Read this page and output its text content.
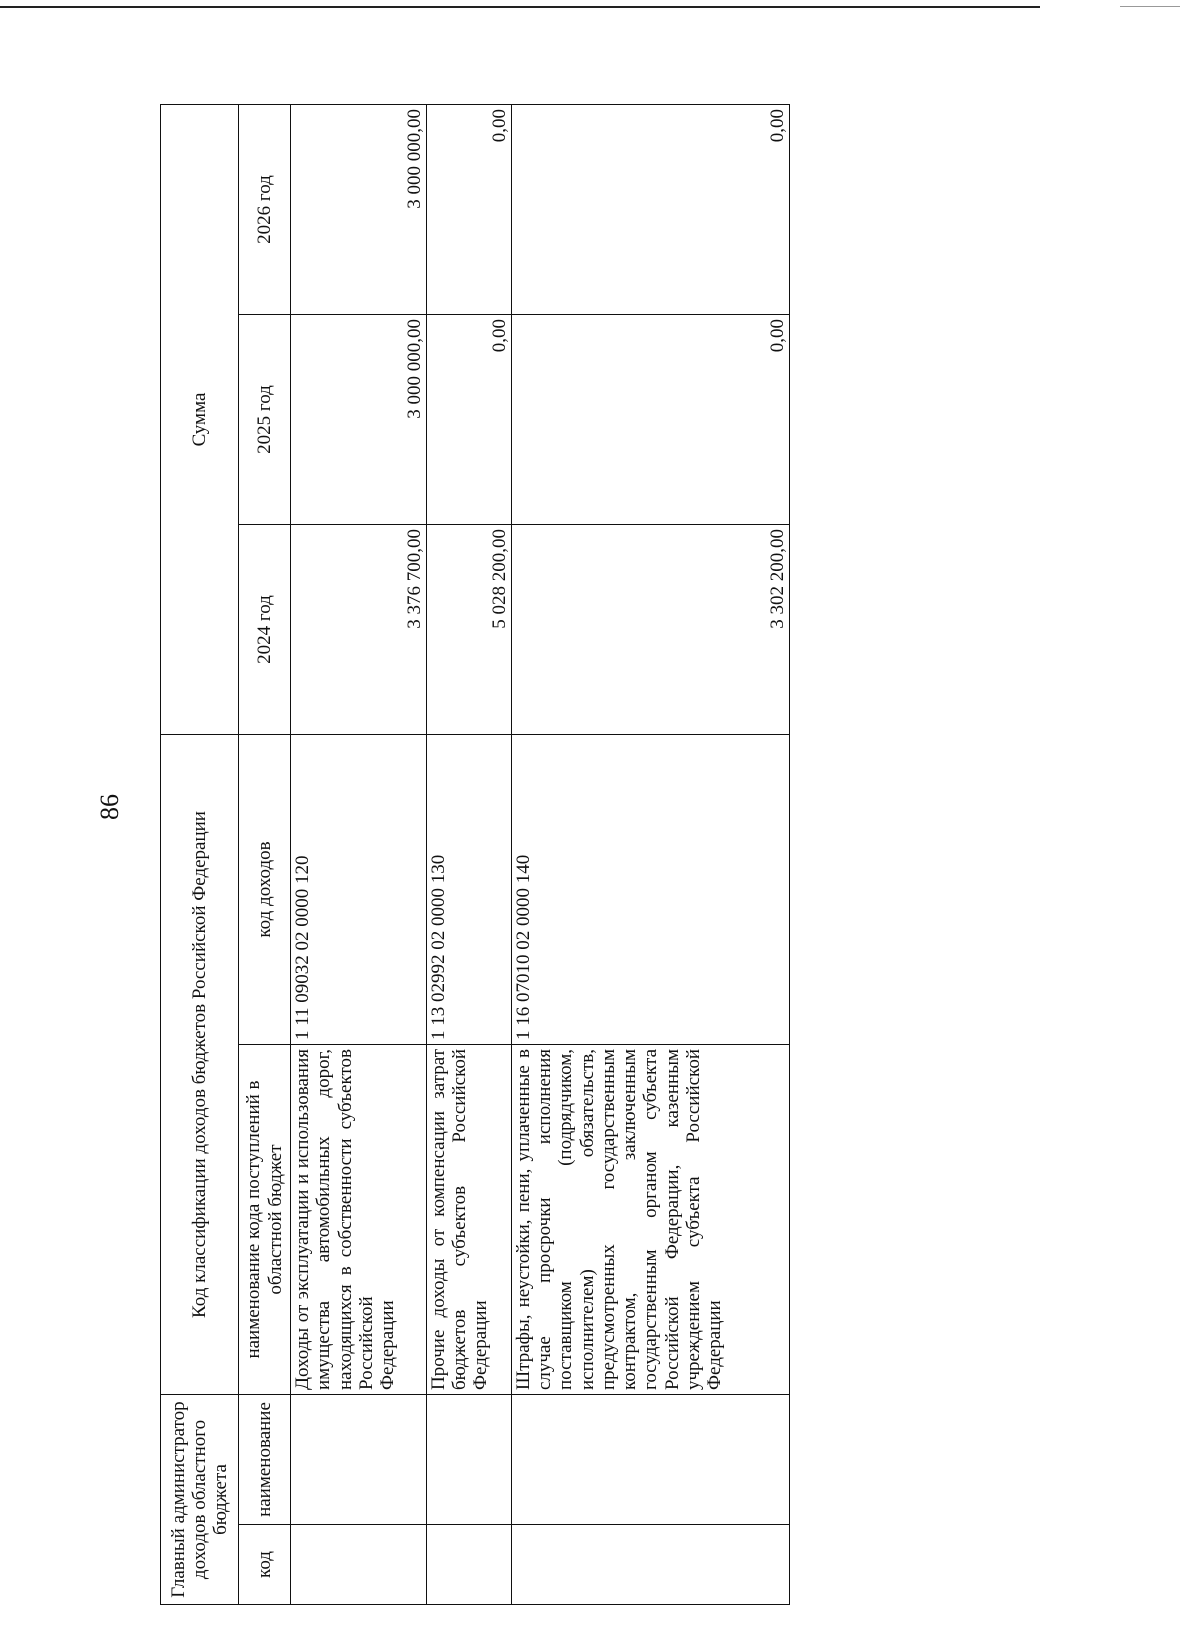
86
Главный администратор доходов областного бюджета		Код классификации доходов бюджетов Российской Федерации		Сумма		
код	наименование	наименование кода поступлений в областной бюджет	код доходов	2024 год	2025 год	2026 год
		Доходы от эксплуатации и использования имущества автомобильных дорог, находящихся в собственности субъектов Российской Федерации	1 11 09032 02 0000 120	3 376 700,00	3 000 000,00	3 000 000,00
		Прочие доходы от компенсации затрат бюджетов субъектов Российской Федерации	1 13 02992 02 0000 130	5 028 200,00	0,00	0,00
		Штрафы, неустойки, пени, уплаченные в случае просрочки исполнения поставщиком (подрядчиком, исполнителем) обязательств, предусмотренных государственным контрактом, заключенным государственным органом субъекта Российской Федерации, казенным учреждением субъекта Российской Федерации	1 16 07010 02 0000 140	3 302 200,00	0,00	0,00
